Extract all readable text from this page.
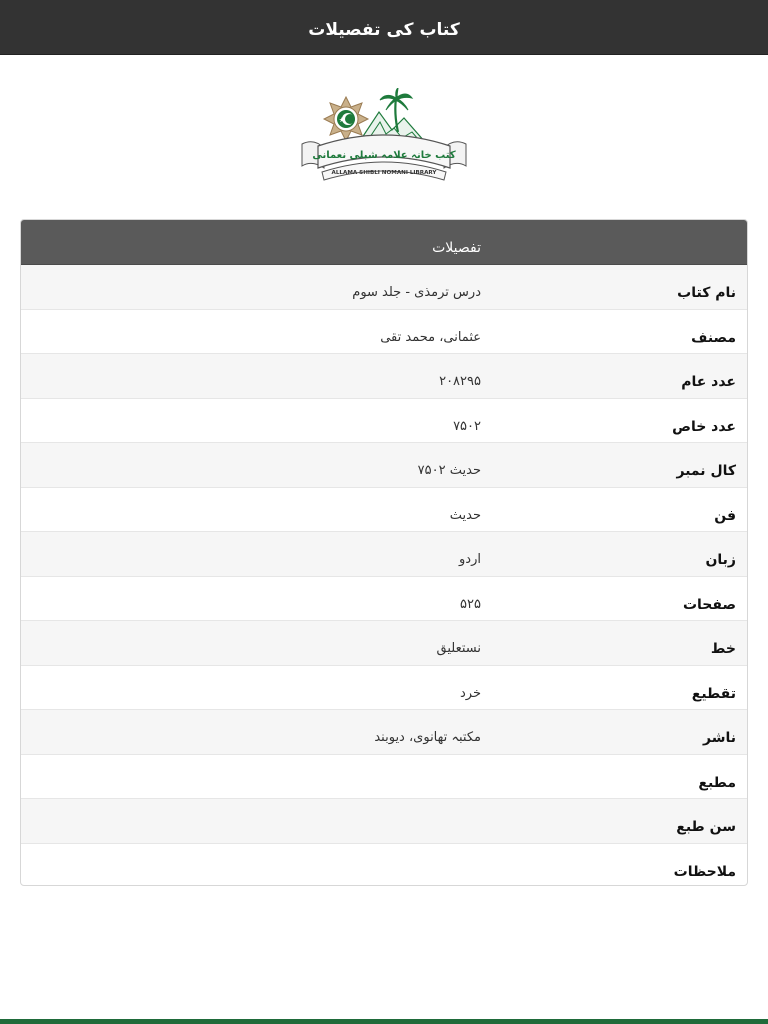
کتاب کی تفصیلات
کتب خانہ علامہ شبلی نعمانی
ALLAMA SHIBLI NOMANI LIBRARY
تفصیلات
نام کتاب
درس ترمذی - جلد سوم
مصنف
عثمانی، محمد تقی
عدد عام
۲۰۸۲۹۵
عدد خاص
۷۵۰۲
کال نمبر
حدیث ۷۵۰۲
فن
حدیث
زبان
اردو
صفحات
۵۲۵
خط
نستعلیق
تقطیع
خرد
ناشر
مکتبہ تھانوی، دیوبند
مطبع
سن طبع
ملاحظات
